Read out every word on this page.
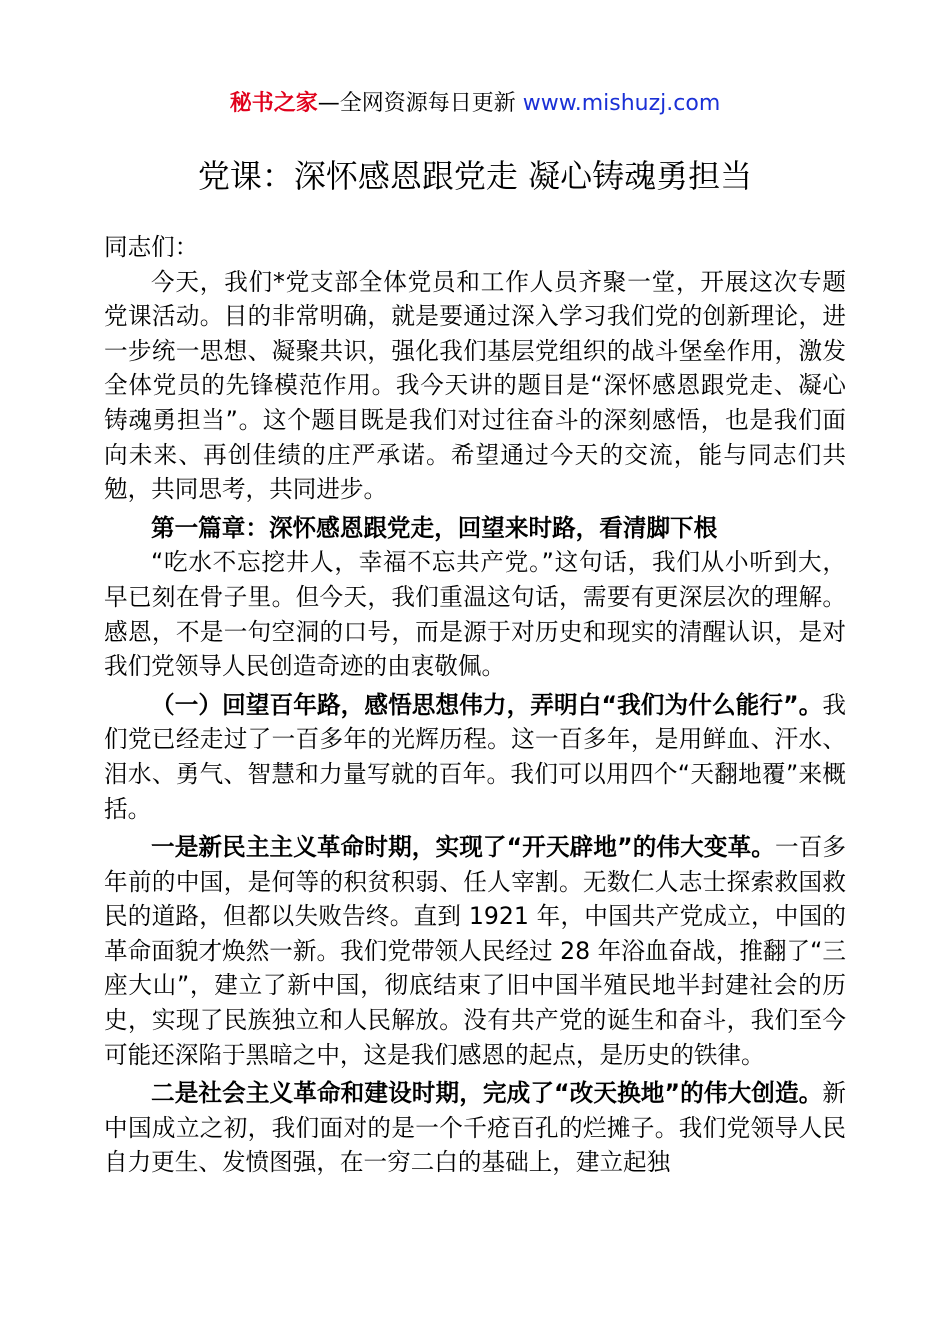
秘书之家—全网资源每日更新 www.mishuzj.com
党课：深怀感恩跟党走 凝心铸魂勇担当

同志们：

今天，我们*党支部全体党员和工作人员齐聚一堂，开展这次专题党课活动。目的非常明确，就是要通过深入学习我们党的创新理论，进一步统一思想、凝聚共识，强化我们基层党组织的战斗堡垒作用，激发全体党员的先锋模范作用。我今天讲的题目是“深怀感恩跟党走、凝心铸魂勇担当”。这个题目既是我们对过往奋斗的深刻感悟，也是我们面向未来、再创佳绩的庄严承诺。希望通过今天的交流，能与同志们共勉，共同思考，共同进步。

第一篇章：深怀感恩跟党走，回望来时路，看清脚下根

“吃水不忘挖井人，幸福不忘共产党。”这句话，我们从小听到大，早已刻在骨子里。但今天，我们重温这句话，需要有更深层次的理解。感恩，不是一句空洞的口号，而是源于对历史和现实的清醒认识，是对我们党领导人民创造奇迹的由衷敬佩。

（一）回望百年路，感悟思想伟力，弄明白“我们为什么能行”。我们党已经走过了一百多年的光辉历程。这一百多年，是用鲜血、汗水、泪水、勇气、智慧和力量写就的百年。我们可以用四个“天翻地覆”来概括。

一是新民主主义革命时期，实现了“开天辟地”的伟大变革。一百多年前的中国，是何等的积贫积弱、任人宰割。无数仁人志士探索救国救民的道路，但都以失败告终。直到 1921 年，中国共产党成立，中国的革命面貌才焕然一新。我们党带领人民经过 28 年浴血奋战，推翻了“三座大山”，建立了新中国，彻底结束了旧中国半殖民地半封建社会的历史，实现了民族独立和人民解放。没有共产党的诞生和奋斗，我们至今可能还深陷于黑暗之中，这是我们感恩的起点，是历史的铁律。

二是社会主义革命和建设时期，完成了“改天换地”的伟大创造。新中国成立之初，我们面对的是一个千疮百孔的烂摊子。我们党领导人民自力更生、发愤图强，在一穷二白的基础上，建立起独
